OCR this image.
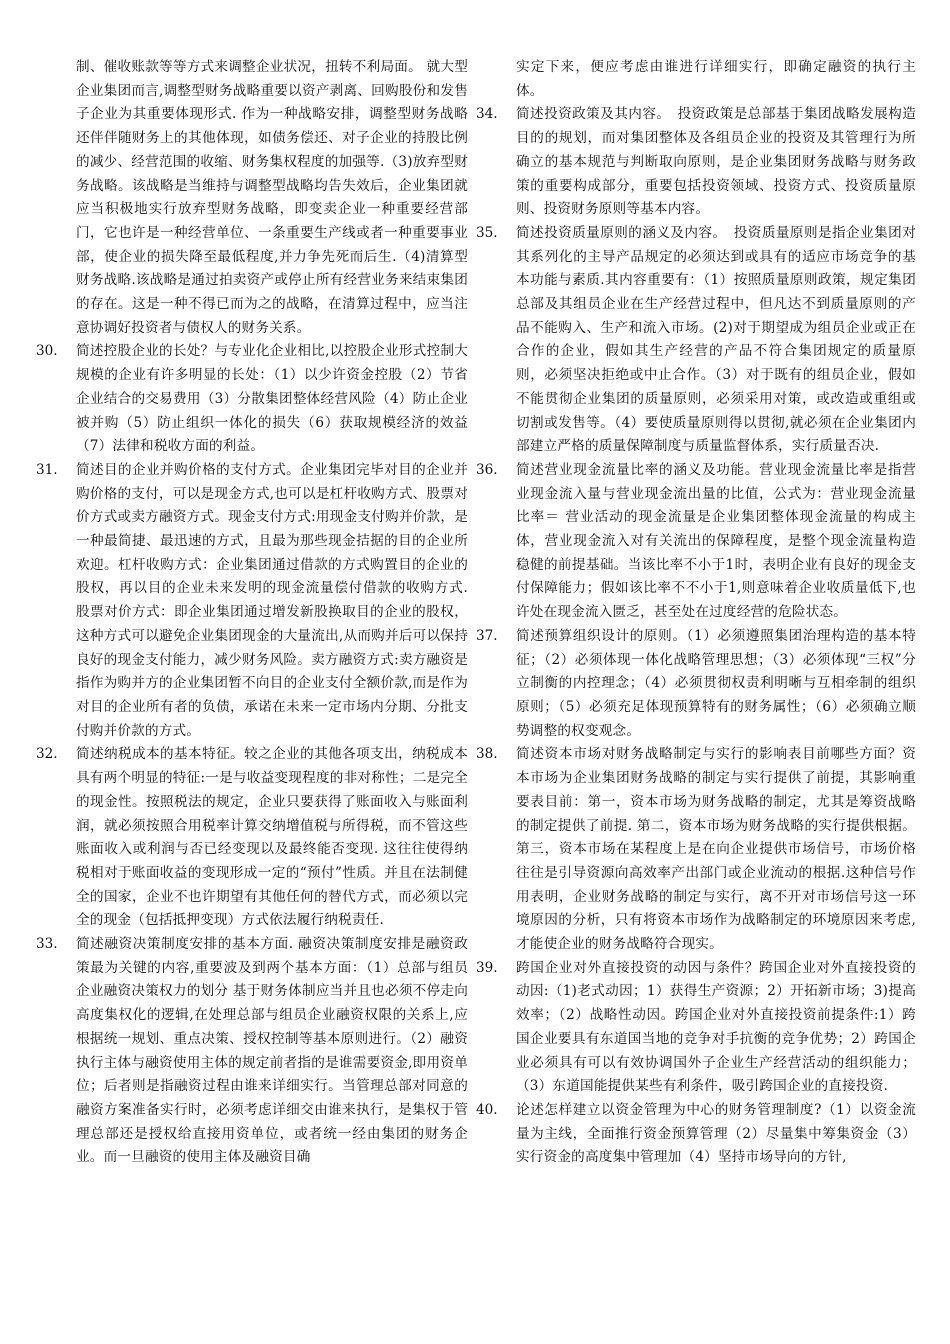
制、催收账款等等方式来调整企业状况，扭转不利局面。 就大型企业集团而言,调整型财务战略重要以资产剥离、回购股份和发售子企业为其重要体现形式. 作为一种战略安排，调整型财务战略还伴伴随财务上的其他体现，如债务偿还、对子企业的持股比例的减少、经营范围的收缩、财务集权程度的加强等.（3)放弃型财务战略。该战略是当维持与调整型战略均告失效后，企业集团就应当积极地实行放弃型财务战略，即变卖企业一种重要经营部门，它也许是一种经营单位、一条重要生产线或者一种重要事业部，使企业的损失降至最低程度,并力争先死而后生.（4)清算型财务战略.该战略是通过拍卖资产或停止所有经营业务来结束集团的存在。这是一种不得已而为之的战略，在清算过程中，应当注意协调好投资者与债权人的财务关系。

30.	简述控股企业的长处？与专业化企业相比,以控股企业形式控制大规模的企业有许多明显的长处：（1）以少许资金控股（2）节省企业结合的交易费用（3）分散集团整体经营风险（4）防止企业被并购（5）防止组织一体化的损失（6）获取规模经济的效益（7）法律和税收方面的利益。

31.	简述目的企业并购价格的支付方式。企业集团完毕对目的企业并购价格的支付，可以是现金方式,也可以是杠杆收购方式、股票对价方式或卖方融资方式。现金支付方式:用现金支付购并价款，是一种最简捷、最迅速的方式，且最为那些现金拮据的目的企业所欢迎。杠杆收购方式：企业集团通过借款的方式购置目的企业的股权，再以目的企业未来发明的现金流量偿付借款的收购方式. 股票对价方式：即企业集团通过增发新股换取目的企业的股权，这种方式可以避免企业集团现金的大量流出,从而购并后可以保持良好的现金支付能力，减少财务风险。卖方融资方式:卖方融资是指作为购并方的企业集团暂不向目的企业支付全额价款,而是作为对目的企业所有者的负债，承诺在未来一定市场内分期、分批支付购并价款的方式。

32.	简述纳税成本的基本特征。较之企业的其他各项支出，纳税成本具有两个明显的特征:一是与收益变现程度的非对称性；二是完全的现金性。按照税法的规定，企业只要获得了账面收入与账面利润，就必须按照合用税率计算交纳增值税与所得税，而不管这些账面收入或利润与否已经变现以及最终能否变现. 这往往使得纳税相对于账面收益的变现形成一定的“预付”性质。并且在法制健全的国家，企业不也许期望有其他任何的替代方式，而必须以完全的现金（包括抵押变现）方式依法履行纳税责任.

33.	简述融资决策制度安排的基本方面. 融资决策制度安排是融资政策最为关键的内容,重要波及到两个基本方面：（1）总部与组员企业融资决策权力的划分 基于财务体制应当并且也必须不停走向高度集权化的逻辑,在处理总部与组员企业融资权限的关系上,应根据统一规划、重点决策、授权控制等基本原则进行。（2）融资执行主体与融资使用主体的规定前者指的是谁需要资金,即用资单位；后者则是指融资过程由谁来详细实行。当管理总部对同意的融资方案准备实行时，必须考虑详细交由谁来执行，是集权于管理总部还是授权给直接用资单位，或者统一经由集团的财务企业。而一旦融资的使用主体及融资目确

实定下来，便应考虑由谁进行详细实行，即确定融资的执行主体。

34.	简述投资政策及其内容。　投资政策是总部基于集团战略发展构造目的的规划，而对集团整体及各组员企业的投资及其管理行为所确立的基本规范与判断取向原则，是企业集团财务战略与财务政策的重要构成部分，重要包括投资领域、投资方式、投资质量原则、投资财务原则等基本内容。

35.	简述投资质量原则的涵义及内容。　投资质量原则是指企业集团对其系列化的主导产品规定的必须达到或具有的适应市场竞争的基本功能与素质.其内容重要有：（1）按照质量原则政策，规定集团总部及其组员企业在生产经营过程中，但凡达不到质量原则的产品不能购入、生产和流入市场。(2)对于期望成为组员企业或正在合作的企业，假如其生产经营的产品不符合集团规定的质量原则，必须坚决拒绝或中止合作。（3）对于既有的组员企业，假如不能贯彻企业集团的质量原则，必须采用对策，或改造或重组或切割或发售等。（4）要使质量原则得以贯彻,就必须在企业集团内部建立严格的质量保障制度与质量监督体系，实行质量否决.

36.	简述营业现金流量比率的涵义及功能。营业现金流量比率是指营业现金流入量与营业现金流出量的比值，公式为：营业现金流量比率＝ 营业活动的现金流量是企业集团整体现金流量的构成主体，营业现金流入对有关流出的保障程度，是整个现金流量构造稳健的前提基础。当该比率不小于1时，表明企业有良好的现金支付保障能力；假如该比率不不小于1,则意味着企业收质量低下,也许处在现金流入匮乏，甚至处在过度经营的危险状态。

37.	简述预算组织设计的原则。（1）必须遵照集团治理构造的基本特征；（2）必须体现一体化战略管理思想；（3）必须体现“三权”分立制衡的内控理念；（4）必须贯彻权责利明晰与互相牵制的组织原则；（5）必须充足体现预算特有的财务属性；（6）必须确立顺势调整的权变观念。

38.	简述资本市场对财务战略制定与实行的影响表目前哪些方面？资本市场为企业集团财务战略的制定与实行提供了前提，其影响重要表目前：第一，资本市场为财务战略的制定，尤其是筹资战略的制定提供了前提. 第二，资本市场为财务战略的实行提供根据。第三，资本市场在某程度上是在向企业提供市场信号，市场价格往往是引导资源向高效率产出部门或企业流动的根据.这种信号作用表明，企业财务战略的制定与实行，离不开对市场信号这一环境原因的分析，只有将资本市场作为战略制定的环境原因来考虑,才能使企业的财务战略符合现实。

39.	跨国企业对外直接投资的动因与条件？跨国企业对外直接投资的动因:（1)老式动因；1）获得生产资源；2）开拓新市场；3)提高效率；（2）战略性动因。跨国企业对外直接投资前提条件:1）跨国企业要具有东道国当地的竞争对手抗衡的竞争优势；2）跨国企业必须具有可以有效协调国外子企业生产经营活动的组织能力；（3）东道国能提供某些有利条件，吸引跨国企业的直接投资.

40.	论述怎样建立以资金管理为中心的财务管理制度?（1）以资金流量为主线，全面推行资金预算管理（2）尽量集中筹集资金（3）实行资金的高度集中管理加（4）坚持市场导向的方针,
